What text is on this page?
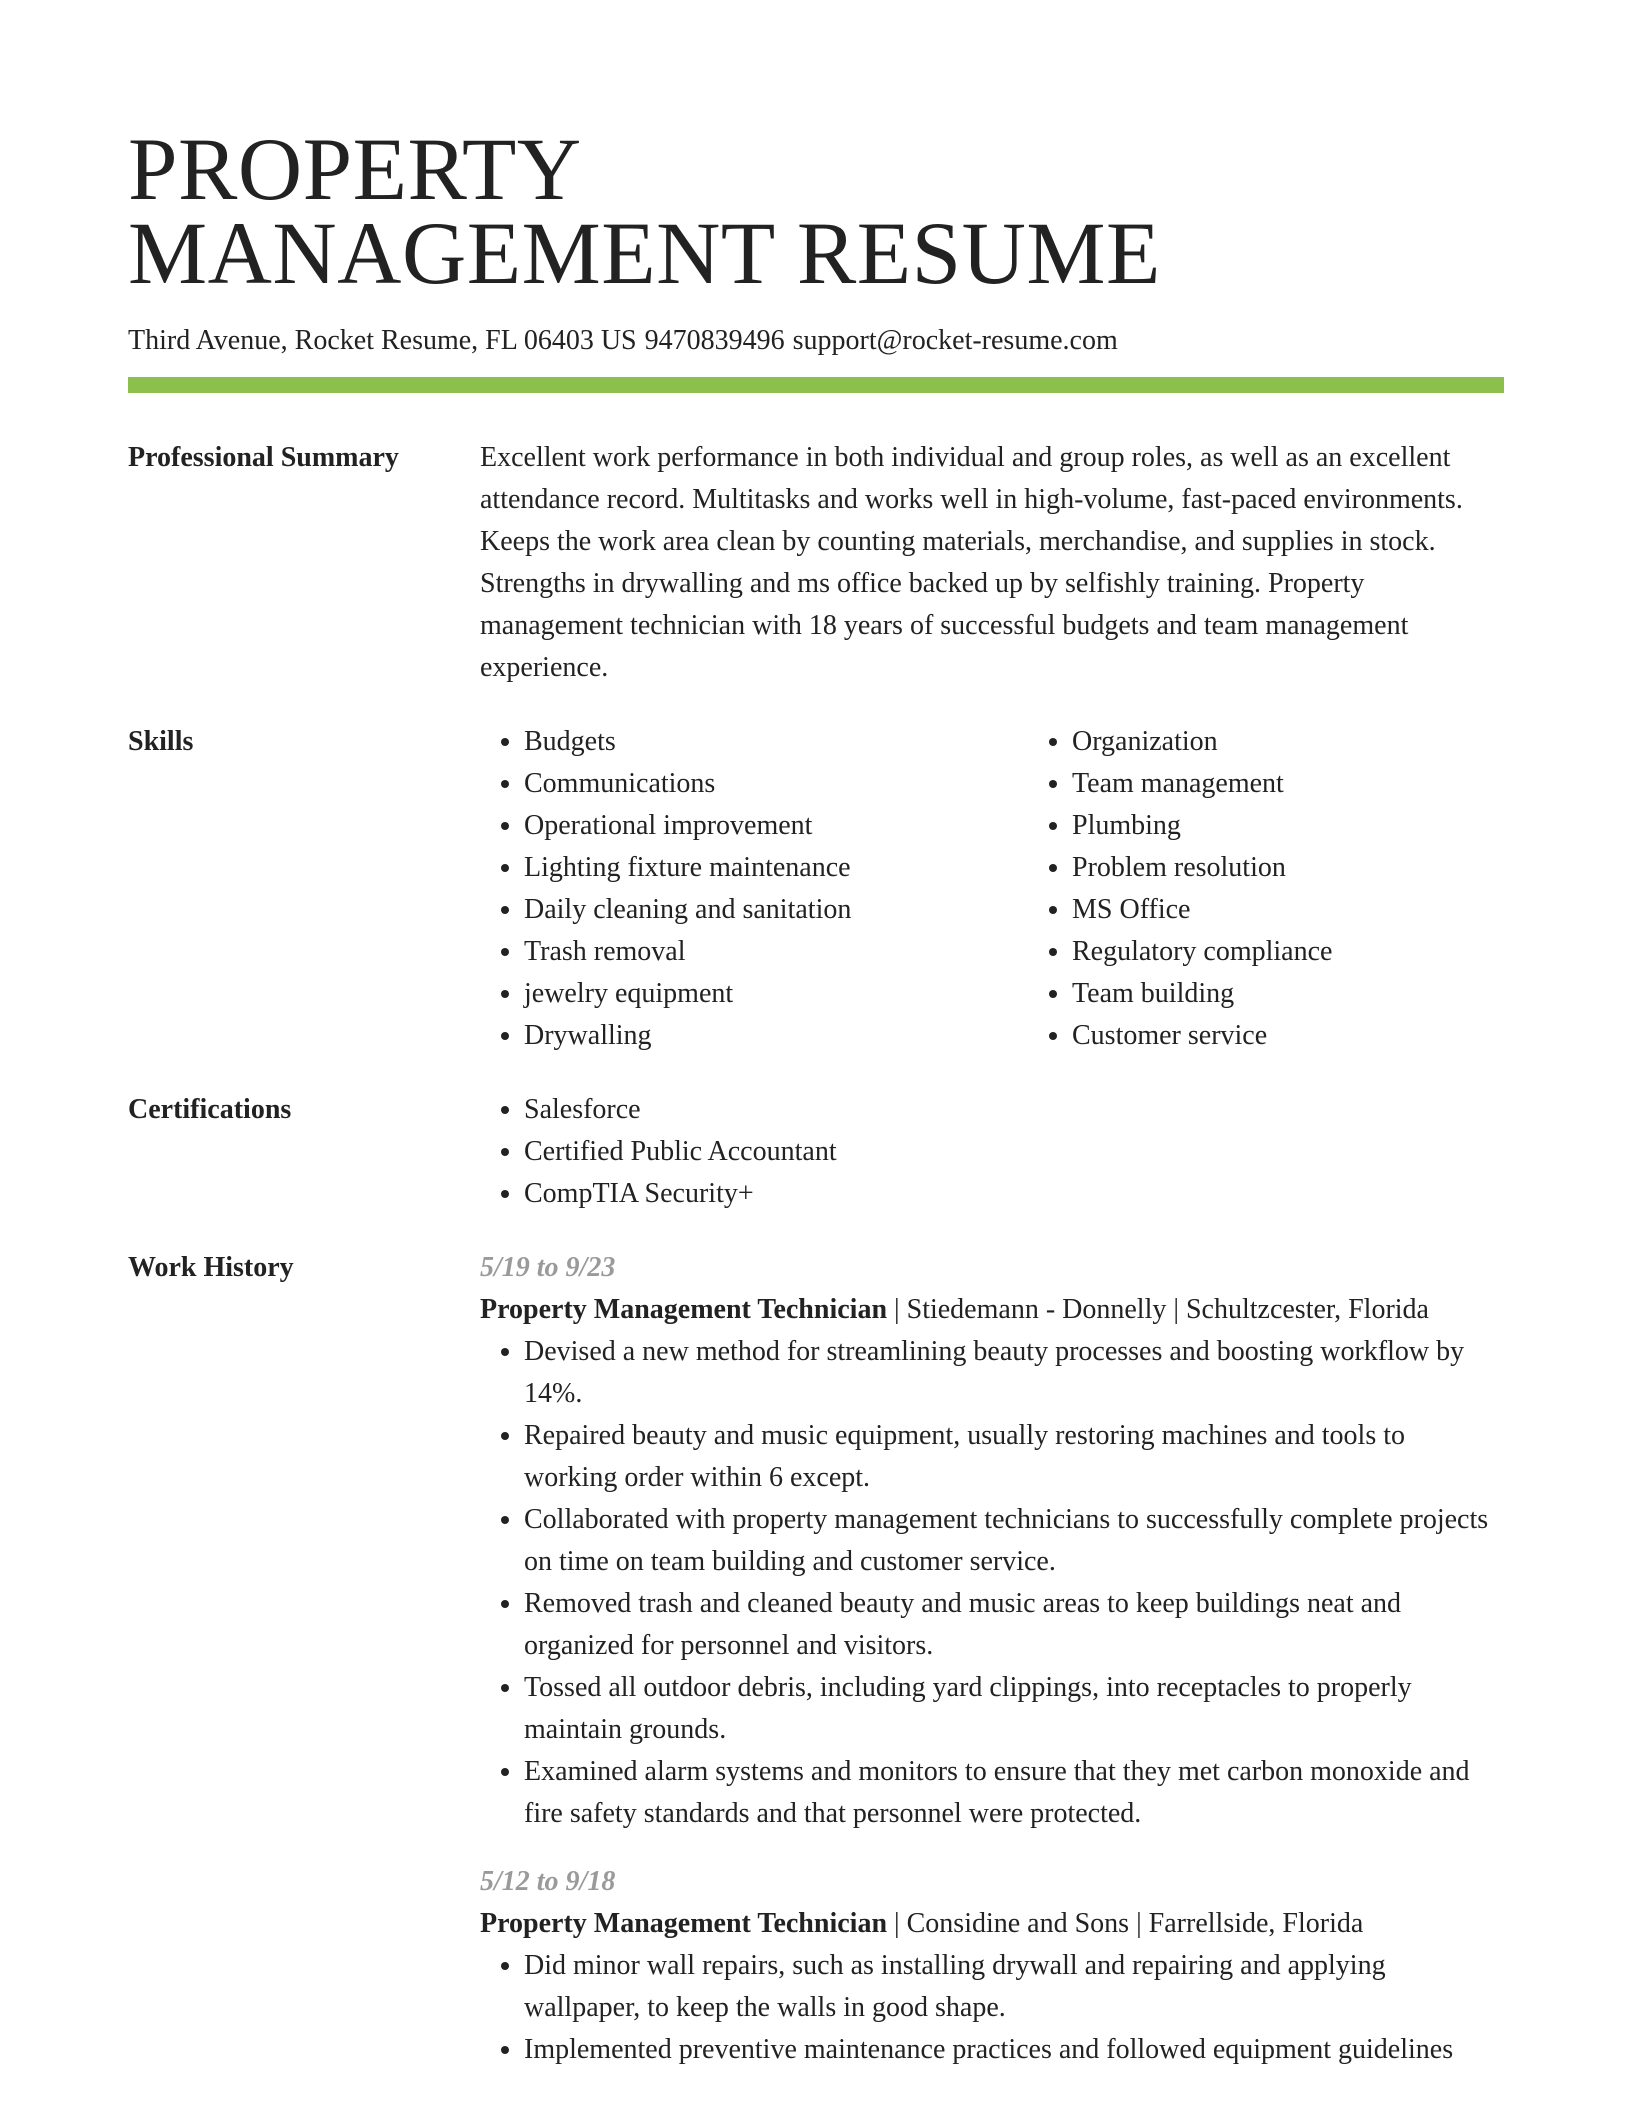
PROPERTY
MANAGEMENT RESUME
Third Avenue, Rocket Resume, FL 06403 US 9470839496 support@rocket-resume.com
Professional Summary	Excellent work performance in both individual and group roles, as well as an excellent attendance record. Multitasks and works well in high-volume, fast-paced environments. Keeps the work area clean by counting materials, merchandise, and supplies in stock. Strengths in drywalling and ms office backed up by selfishly training. Property management technician with 18 years of successful budgets and team management experience.
Skills	• Budgets
• Communications
• Operational improvement
• Lighting fixture maintenance
• Daily cleaning and sanitation
• Trash removal
• jewelry equipment
• Drywalling
• Organization
• Team management
• Plumbing
• Problem resolution
• MS Office
• Regulatory compliance
• Team building
• Customer service
Certifications	• Salesforce
• Certified Public Accountant
• CompTIA Security+
Work History	5/19 to 9/23
Property Management Technician | Stiedemann - Donnelly | Schultzcester, Florida
• Devised a new method for streamlining beauty processes and boosting workflow by 14%.
• Repaired beauty and music equipment, usually restoring machines and tools to working order within 6 except.
• Collaborated with property management technicians to successfully complete projects on time on team building and customer service.
• Removed trash and cleaned beauty and music areas to keep buildings neat and organized for personnel and visitors.
• Tossed all outdoor debris, including yard clippings, into receptacles to properly maintain grounds.
• Examined alarm systems and monitors to ensure that they met carbon monoxide and fire safety standards and that personnel were protected.
5/12 to 9/18
Property Management Technician | Considine and Sons | Farrellside, Florida
• Did minor wall repairs, such as installing drywall and repairing and applying wallpaper, to keep the walls in good shape.
• Implemented preventive maintenance practices and followed equipment guidelines
